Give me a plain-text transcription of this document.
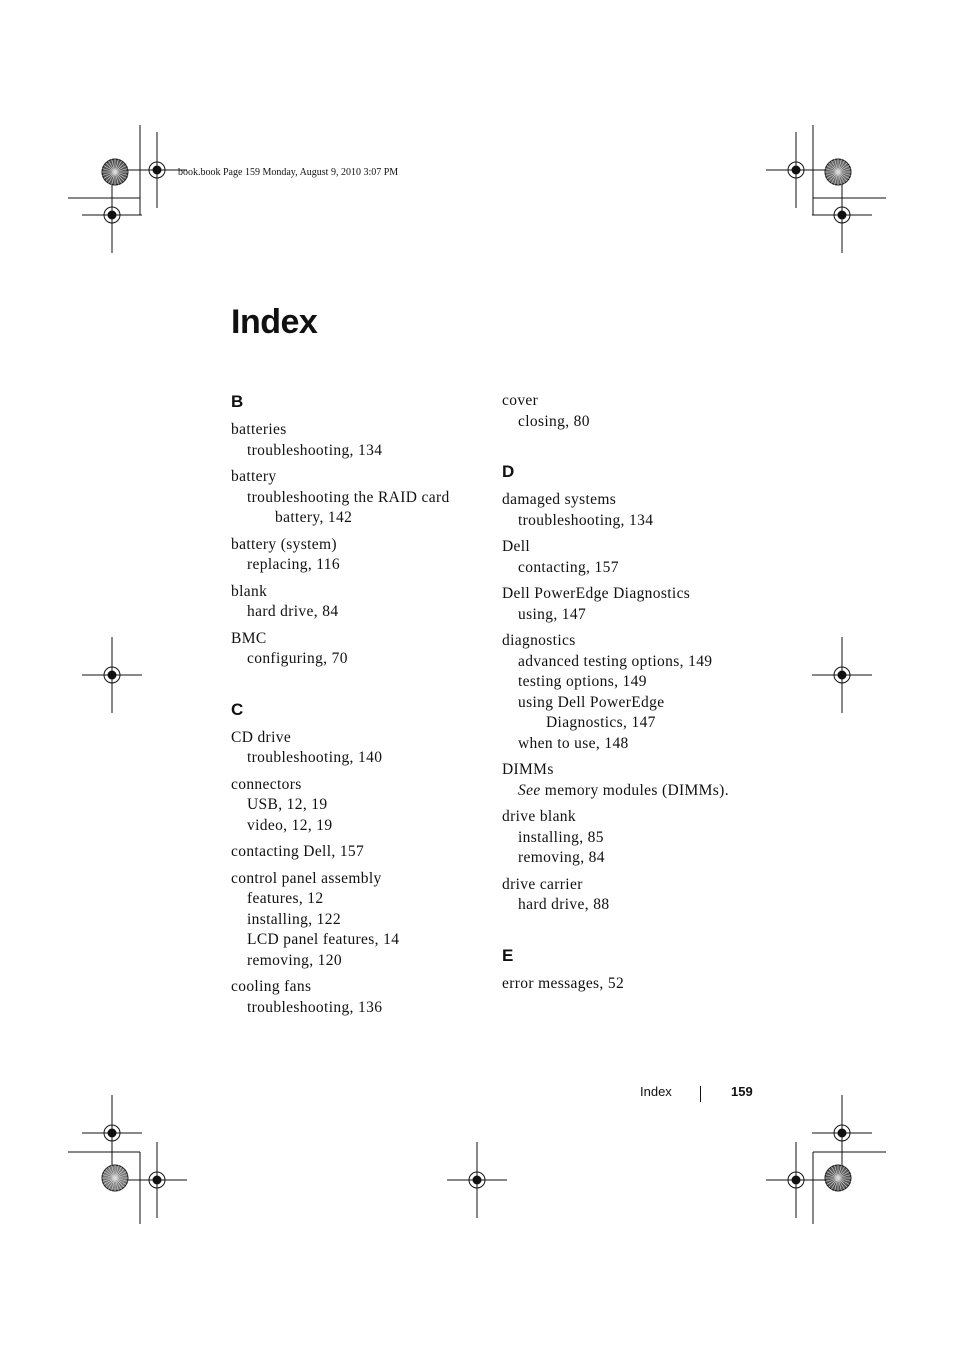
book.book Page 159 Monday, August 9, 2010 3:07 PM
Index
B
batteries
troubleshooting, 134
battery
troubleshooting the RAID card
battery, 142
battery (system)
replacing, 116
blank
hard drive, 84
BMC
configuring, 70
C
CD drive
troubleshooting, 140
connectors
USB, 12, 19
video, 12, 19
contacting Dell, 157
control panel assembly
features, 12
installing, 122
LCD panel features, 14
removing, 120
cooling fans
troubleshooting, 136
cover
closing, 80
D
damaged systems
troubleshooting, 134
Dell
contacting, 157
Dell PowerEdge Diagnostics
using, 147
diagnostics
advanced testing options, 149
testing options, 149
using Dell PowerEdge
Diagnostics, 147
when to use, 148
DIMMs
See memory modules (DIMMs).
drive blank
installing, 85
removing, 84
drive carrier
hard drive, 88
E
error messages, 52
Index	159
